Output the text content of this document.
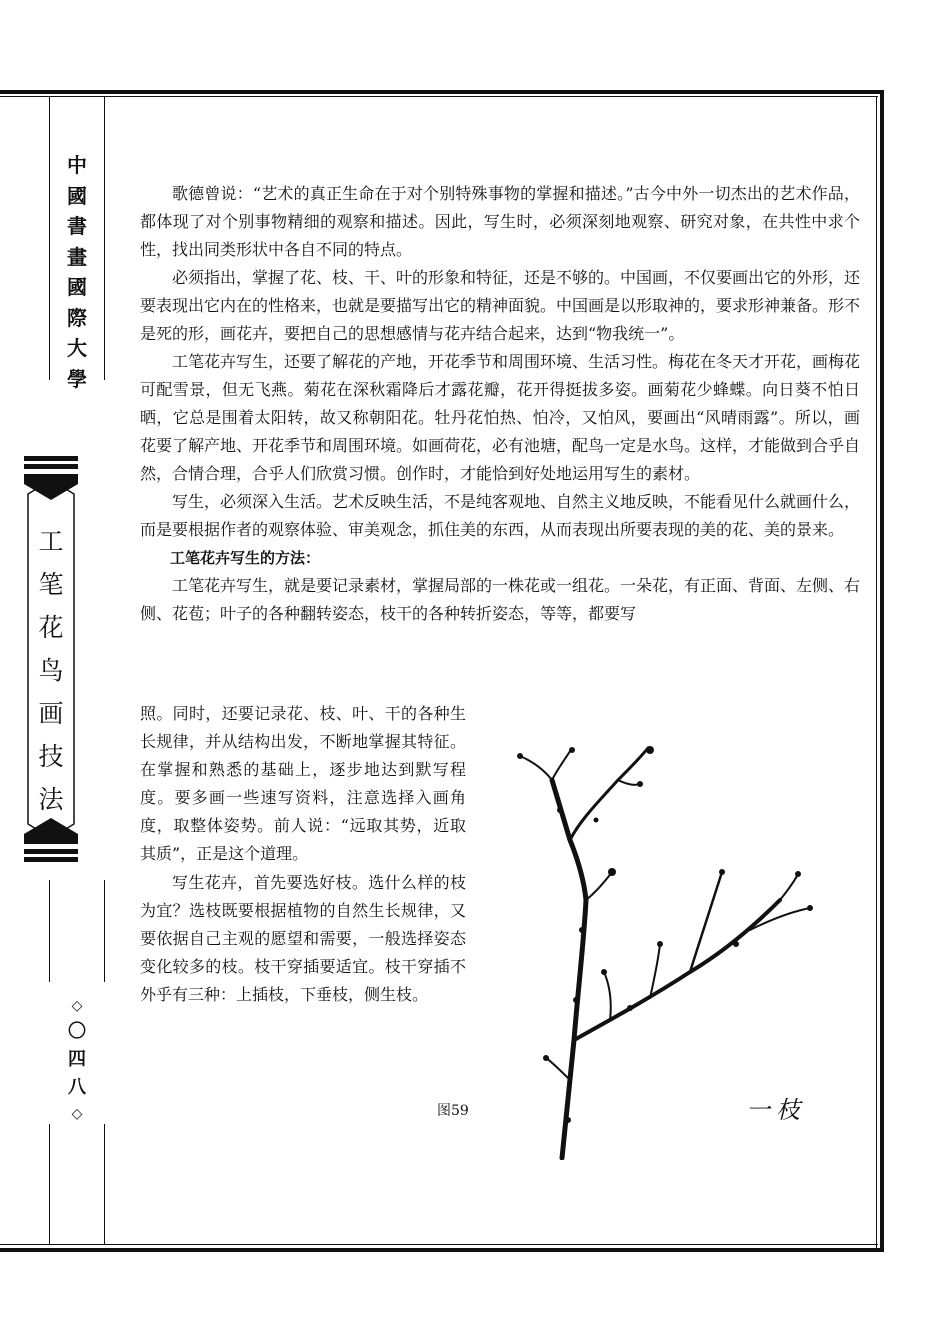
中
國
書
畫
國
際
大
學
工
笔
花
鸟
画
技
法
◇
〇
四
八
◇

歌德曾说：“艺术的真正生命在于对个别特殊事物的掌握和描述。”古今中外一切杰出的艺术作品，都体现了对个别事物精细的观察和描述。因此，写生时，必须深刻地观察、研究对象，在共性中求个性，找出同类形状中各自不同的特点。

必须指出，掌握了花、枝、干、叶的形象和特征，还是不够的。中国画，不仅要画出它的外形，还要表现出它内在的性格来，也就是要描写出它的精神面貌。中国画是以形取神的，要求形神兼备。形不是死的形，画花卉，要把自己的思想感情与花卉结合起来，达到“物我统一”。

工笔花卉写生，还要了解花的产地，开花季节和周围环境、生活习性。梅花在冬天才开花，画梅花可配雪景，但无飞燕。菊花在深秋霜降后才露花瓣，花开得挺拔多姿。画菊花少蜂蝶。向日葵不怕日晒，它总是围着太阳转，故又称朝阳花。牡丹花怕热、怕冷，又怕风，要画出“风晴雨露”。所以，画花要了解产地、开花季节和周围环境。如画荷花，必有池塘，配鸟一定是水鸟。这样，才能做到合乎自然，合情合理，合乎人们欣赏习惯。创作时，才能恰到好处地运用写生的素材。

写生，必须深入生活。艺术反映生活，不是纯客观地、自然主义地反映，不能看见什么就画什么，而是要根据作者的观察体验、审美观念，抓住美的东西，从而表现出所要表现的美的花、美的景来。

工笔花卉写生的方法：

工笔花卉写生，就是要记录素材，掌握局部的一株花或一组花。一朵花，有正面、背面、左侧、右侧、花苞；叶子的各种翻转姿态，枝干的各种转折姿态，等等，都要写

照。同时，还要记录花、枝、叶、干的各种生长规律，并从结构出发，不断地掌握其特征。在掌握和熟悉的基础上，逐步地达到默写程度。要多画一些速写资料，注意选择入画角度，取整体姿势。前人说：“远取其势，近取其质”，正是这个道理。

写生花卉，首先要选好枝。选什么样的枝为宜？选枝既要根据植物的自然生长规律，又要依据自己主观的愿望和需要，一般选择姿态变化较多的枝。枝干穿插要适宜。枝干穿插不外乎有三种：上插枝，下垂枝，侧生枝。

图59	一枝
